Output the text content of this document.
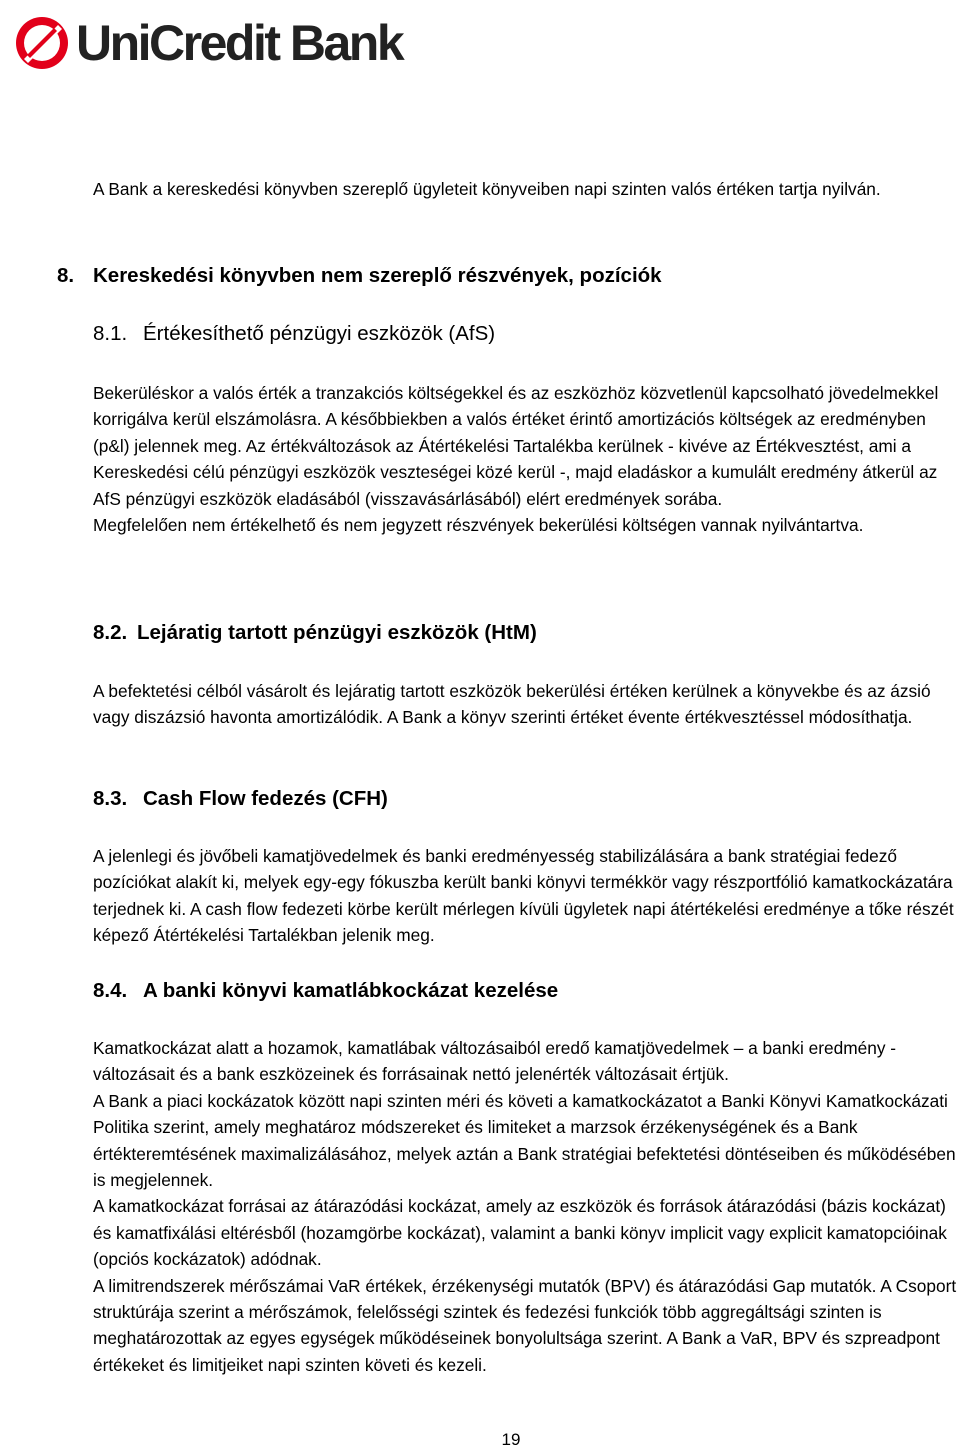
UniCredit Bank

A Bank a kereskedési könyvben szereplő ügyleteit könyveiben napi szinten valós értéken tartja nyilván.

8. Kereskedési könyvben nem szereplő részvények, pozíciók
8.1. Értékesíthető pénzügyi eszközök (AfS)

Bekerüléskor a valós érték a tranzakciós költségekkel és az eszközhöz közvetlenül kapcsolható jövedelmekkel korrigálva kerül elszámolásra. A későbbiekben a valós értéket érintő amortizációs költségek az eredményben (p&l) jelennek meg. Az értékváltozások az Átértékelési Tartalékba kerülnek - kivéve az Értékvesztést, ami a Kereskedési célú pénzügyi eszközök veszteségei közé kerül -, majd eladáskor a kumulált eredmény átkerül az AfS pénzügyi eszközök eladásából (visszavásárlásából) elért eredmények sorába.

Megfelelően nem értékelhető és nem jegyzett részvények bekerülési költségen vannak nyilvántartva.

8.2. Lejáratig tartott pénzügyi eszközök (HtM)

A befektetési célból vásárolt és lejáratig tartott eszközök bekerülési értéken kerülnek a könyvekbe és az ázsió vagy diszázsió havonta amortizálódik. A Bank a könyv szerinti értéket évente értékvesztéssel módosíthatja.

8.3. Cash Flow fedezés (CFH)

A jelenlegi és jövőbeli kamatjövedelmek és banki eredményesség stabilizálására a bank stratégiai fedező pozíciókat alakít ki, melyek egy-egy fókuszba került banki könyvi termékkör vagy részportfólió kamatkockázatára terjednek ki. A cash flow fedezeti körbe került mérlegen kívüli ügyletek napi átértékelési eredménye a tőke részét képező Átértékelési Tartalékban jelenik meg.

8.4. A banki könyvi kamatlábkockázat kezelése

Kamatkockázat alatt a hozamok, kamatlábak változásaiból eredő kamatjövedelmek – a banki eredmény - változásait és a bank eszközeinek és forrásainak nettó jelenérték változásait értjük.

A Bank a piaci kockázatok között napi szinten méri és követi a kamatkockázatot a Banki Könyvi Kamatkockázati Politika szerint, amely meghatároz módszereket és limiteket a marzsok érzékenységének és a Bank értékteremtésének maximalizálásához, melyek aztán a Bank stratégiai befektetési döntéseiben és működésében is megjelennek.

A kamatkockázat forrásai az átárazódási kockázat, amely az eszközök és források átárazódási (bázis kockázat) és kamatfixálási eltérésből (hozamgörbe kockázat), valamint a banki könyv implicit vagy explicit kamatopcióinak (opciós kockázatok) adódnak.

A limitrendszerek mérőszámai VaR értékek, érzékenységi mutatók (BPV) és átárazódási Gap mutatók. A Csoport struktúrája szerint a mérőszámok, felelősségi szintek és fedezési funkciók több aggregáltsági szinten is meghatározottak az egyes egységek működéseinek bonyolultsága szerint. A Bank a VaR, BPV és szpreadpont értékeket és limitjeiket napi szinten követi és kezeli.

19
